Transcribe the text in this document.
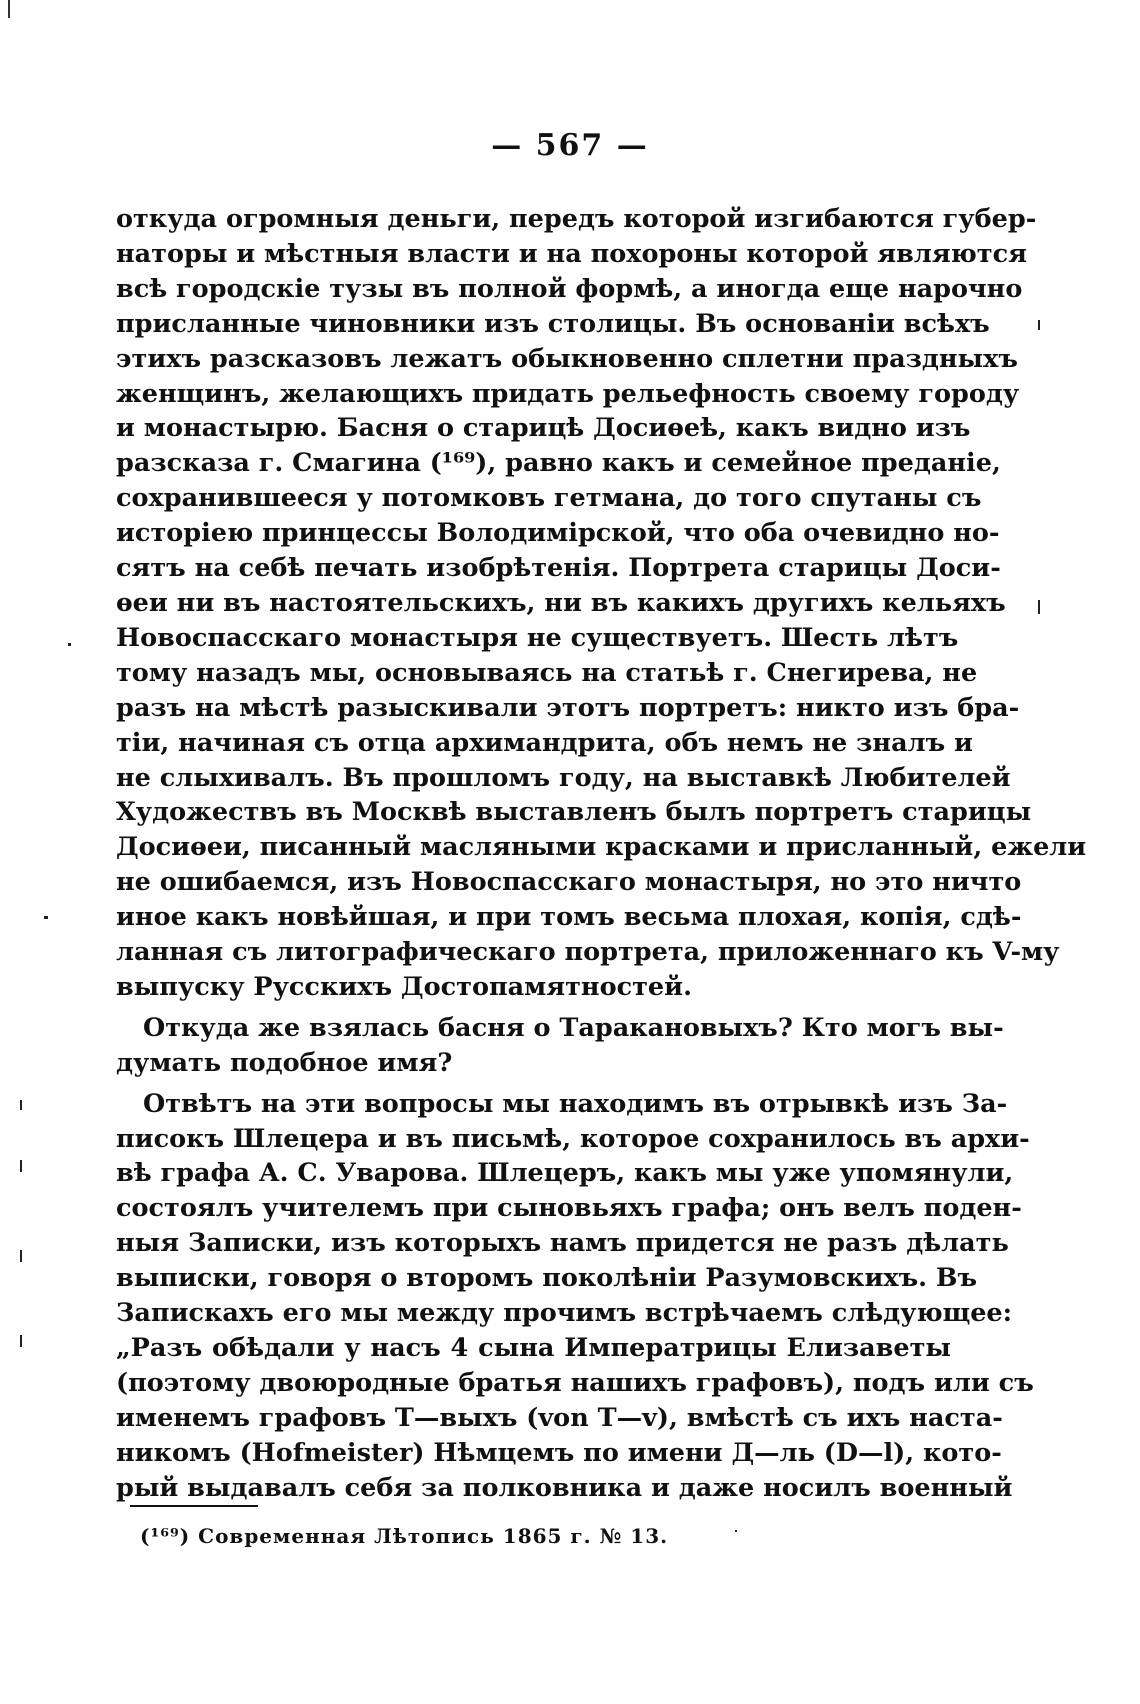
— 567 —
откуда огромныя деньги, передъ которой изгибаются губер-
наторы и мѣстныя власти и на похороны которой являются
всѣ городскіе тузы въ полной формѣ, а иногда еще нарочно
присланные чиновники изъ столицы. Въ основаніи всѣхъ
этихъ разсказовъ лежатъ обыкновенно сплетни праздныхъ
женщинъ, желающихъ придать рельефность своему городу
и монастырю. Басня о старицѣ Досиѳеѣ, какъ видно изъ
разсказа г. Смагина (¹⁶⁹), равно какъ и семейное преданіе,
сохранившееся у потомковъ гетмана, до того спутаны съ
исторіею принцессы Володимірской, что оба очевидно но-
сятъ на себѣ печать изобрѣтенія. Портрета старицы Доси-
ѳеи ни въ настоятельскихъ, ни въ какихъ другихъ кельяхъ
Новоспасскаго монастыря не существуетъ. Шесть лѣтъ
тому назадъ мы, основываясь на статьѣ г. Снегирева, не
разъ на мѣстѣ разыскивали этотъ портретъ: никто изъ бра-
тіи, начиная съ отца архимандрита, объ немъ не зналъ и
не слыхивалъ. Въ прошломъ году, на выставкѣ Любителей
Художествъ въ Москвѣ выставленъ былъ портретъ старицы
Досиѳеи, писанный масляными красками и присланный, ежели
не ошибаемся, изъ Новоспасскаго монастыря, но это ничто
иное какъ новѣйшая, и при томъ весьма плохая, копія, сдѣ-
ланная съ литографическаго портрета, приложеннаго къ V-му
выпуску Русскихъ Достопамятностей.
Откуда же взялась басня о Таракановыхъ? Кто могъ вы-
думать подобное имя?
Отвѣтъ на эти вопросы мы находимъ въ отрывкѣ изъ За-
писокъ Шлецера и въ письмѣ, которое сохранилось въ архи-
вѣ графа А. С. Уварова. Шлецеръ, какъ мы уже упомянули,
состоялъ учителемъ при сыновьяхъ графа; онъ велъ поден-
ныя Записки, изъ которыхъ намъ придется не разъ дѣлать
выписки, говоря о второмъ поколѣніи Разумовскихъ. Въ
Запискахъ его мы между прочимъ встрѣчаемъ слѣдующее:
„Разъ обѣдали у насъ 4 сына Императрицы Елизаветы
(поэтому двоюродные братья нашихъ графовъ), подъ или съ
именемъ графовъ Т—выхъ (von T—v), вмѣстѣ съ ихъ наста-
никомъ (Hofmeister) Нѣмцемъ по имени Д—ль (D—l), кото-
рый выдавалъ себя за полковника и даже носилъ военный
(¹⁶⁹) Современная Лѣтопись 1865 г. № 13.
